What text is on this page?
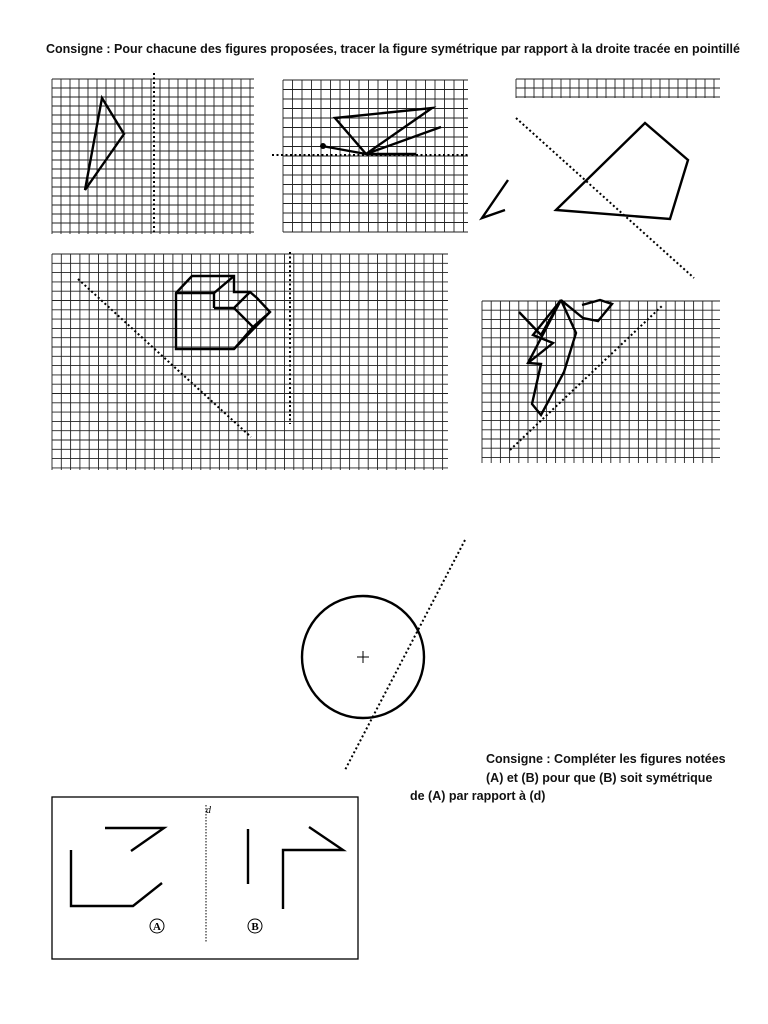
Consigne : Pour chacune des figures proposées, tracer la figure symétrique par rapport à la droite tracée en pointillé
Consigne : Compléter les figures notées
(A) et (B) pour que (B) soit symétrique
de (A) par rapport à (d)
A	B
d
